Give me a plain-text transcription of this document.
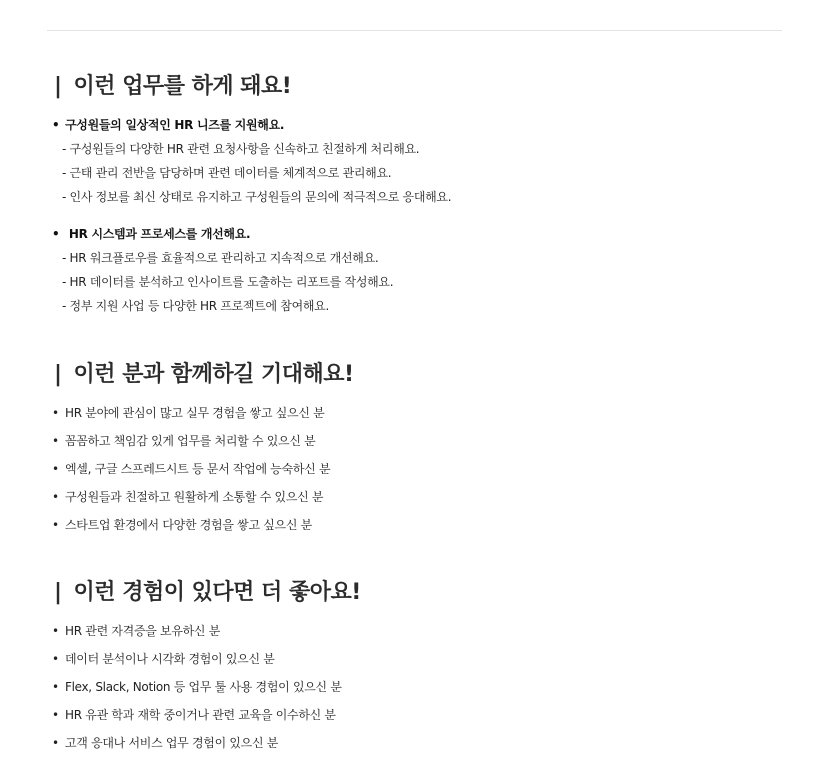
| 이런 업무를 하게 돼요!
• 구성원들의 일상적인 HR 니즈를 지원해요.
- 구성원들의 다양한 HR 관련 요청사항을 신속하고 친절하게 처리해요.
- 근태 관리 전반을 담당하며 관련 데이터를 체계적으로 관리해요.
- 인사 정보를 최신 상태로 유지하고 구성원들의 문의에 적극적으로 응대해요.
• HR 시스템과 프로세스를 개선해요.
- HR 워크플로우를 효율적으로 관리하고 지속적으로 개선해요.
- HR 데이터를 분석하고 인사이트를 도출하는 리포트를 작성해요.
- 정부 지원 사업 등 다양한 HR 프로젝트에 참여해요.
| 이런 분과 함께하길 기대해요!
• HR 분야에 관심이 많고 실무 경험을 쌓고 싶으신 분
• 꼼꼼하고 책임감 있게 업무를 처리할 수 있으신 분
• 엑셀, 구글 스프레드시트 등 문서 작업에 능숙하신 분
• 구성원들과 친절하고 원활하게 소통할 수 있으신 분
• 스타트업 환경에서 다양한 경험을 쌓고 싶으신 분
| 이런 경험이 있다면 더 좋아요!
• HR 관련 자격증을 보유하신 분
• 데이터 분석이나 시각화 경험이 있으신 분
• Flex, Slack, Notion 등 업무 툴 사용 경험이 있으신 분
• HR 유관 학과 재학 중이거나 관련 교육을 이수하신 분
• 고객 응대나 서비스 업무 경험이 있으신 분
